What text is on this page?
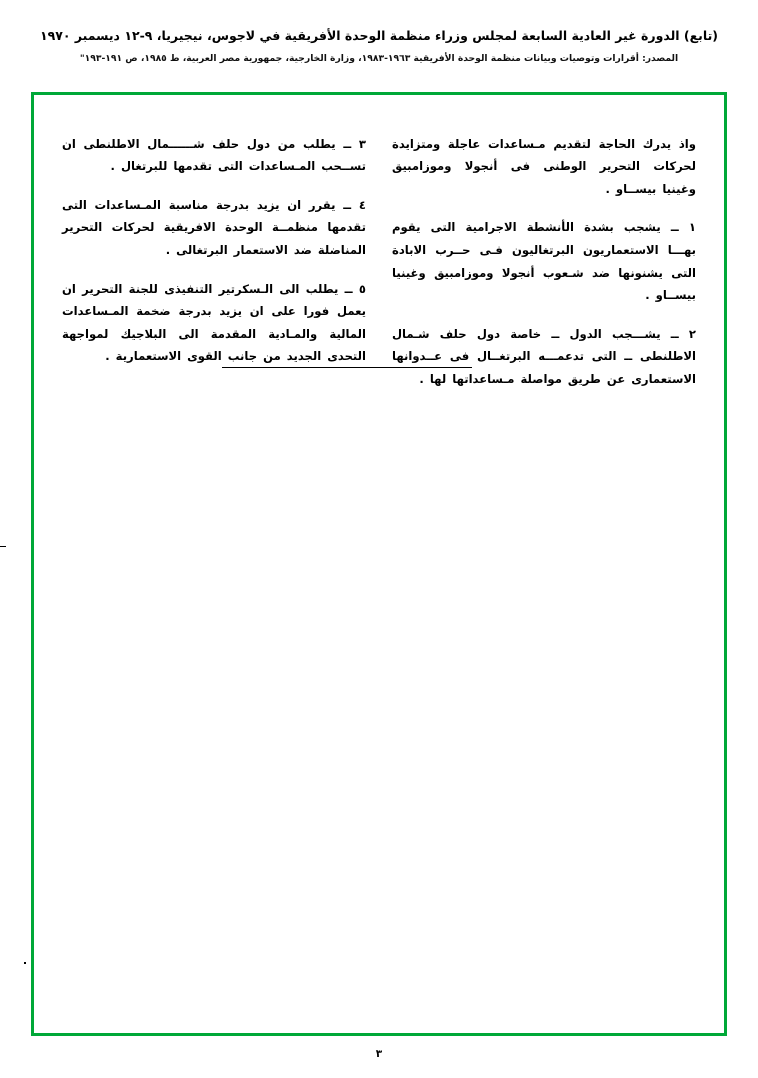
(تابع) الدورة غير العادية السابعة لمجلس وزراء منظمة الوحدة الأفريقية في لاجوس، نيجيريا، ٩-١٢ ديسمبر ١٩٧٠
المصدر: أقرارات وتوصيات وبيانات منظمة الوحدة الأفريقية ١٩٦٣-١٩٨٣، وزارة الخارجية، جمهورية مصر العربية، ط ١٩٨٥، ص ١٩١-١٩٣"

واذ يدرك الحاجة لتقديم مـساعدات عاجلة ومتزايدة لحركات التحرير الوطنى فى أنجولا وموزامبيق وغينيا بيســاو .

١ ــ يشجب بشدة الأنشطة الاجرامية التى يقوم بهـــا الاستعماريون البرتغاليون فـى حــرب الابادة التى يشنونها ضد شـعوب أنجولا وموزامبيق وغينيا بيســاو .

٢ ــ يشـــجب الدول ــ خاصة دول حلف شـمال الاطلنطى ــ التى تدعمـــه البرتغــال فى عــدوانها الاستعمارى عن طريق مواصلة مـساعداتها لها .

٣ ــ يطلب من دول حلف شــــــمال الاطلنطى ان تســحب المـساعدات التى تقدمها للبرتغال .

٤ ــ يقرر ان يزيد بدرجة مناسبة المـساعدات التى تقدمها منظمــة الوحدة الافريقية لحركات التحرير المناضلة ضد الاستعمار البرتغالى .

٥ ــ يطلب الى الـسكرتير التنفيذى للجنة التحرير ان يعمل فورا على ان يزيد بدرجة ضخمة المـساعدات المالية والمـادية المقدمة الى البلاجيك لمواجهة التحدى الجديد من جانب القوى الاستعمارية .

٣
